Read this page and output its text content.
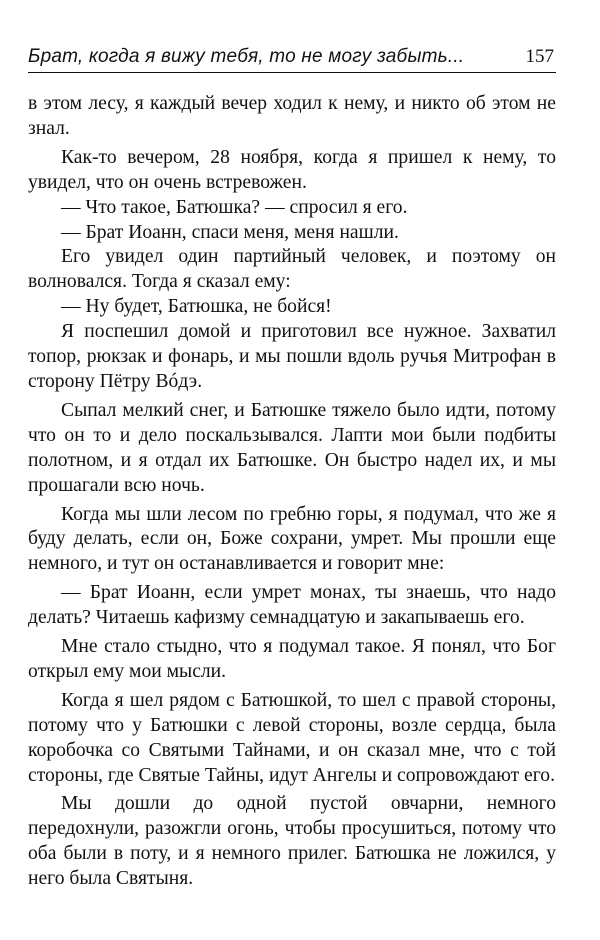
Брат, когда я вижу тебя, то не могу забыть...	157

в этом лесу, я каждый вечер ходил к нему, и никто об этом не знал.

Как-то вечером, 28 ноября, когда я пришел к нему, то увидел, что он очень встревожен.

— Что такое, Батюшка? — спросил я его.

— Брат Иоанн, спаси меня, меня нашли.

Его увидел один партийный человек, и поэтому он волновался. Тогда я сказал ему:

— Ну будет, Батюшка, не бойся!

Я поспешил домой и приготовил все нужное. Захватил топор, рюкзак и фонарь, и мы пошли вдоль ручья Митрофан в сторону Пётру Вóдэ.

Сыпал мелкий снег, и Батюшке тяжело было идти, потому что он то и дело поскальзывался. Лапти мои были подбиты полотном, и я отдал их Батюшке. Он быстро надел их, и мы прошагали всю ночь.

Когда мы шли лесом по гребню горы, я подумал, что же я буду делать, если он, Боже сохрани, умрет. Мы прошли еще немного, и тут он останавливается и говорит мне:

— Брат Иоанн, если умрет монах, ты знаешь, что надо делать? Читаешь кафизму семнадцатую и закапываешь его.

Мне стало стыдно, что я подумал такое. Я понял, что Бог открыл ему мои мысли.

Когда я шел рядом с Батюшкой, то шел с правой стороны, потому что у Батюшки с левой стороны, возле сердца, была коробочка со Святыми Тайнами, и он сказал мне, что с той стороны, где Святые Тайны, идут Ангелы и сопровождают его.

Мы дошли до одной пустой овчарни, немного передохнули, разожгли огонь, чтобы просушиться, потому что оба были в поту, и я немного прилег. Батюшка не ложился, у него была Святыня.
